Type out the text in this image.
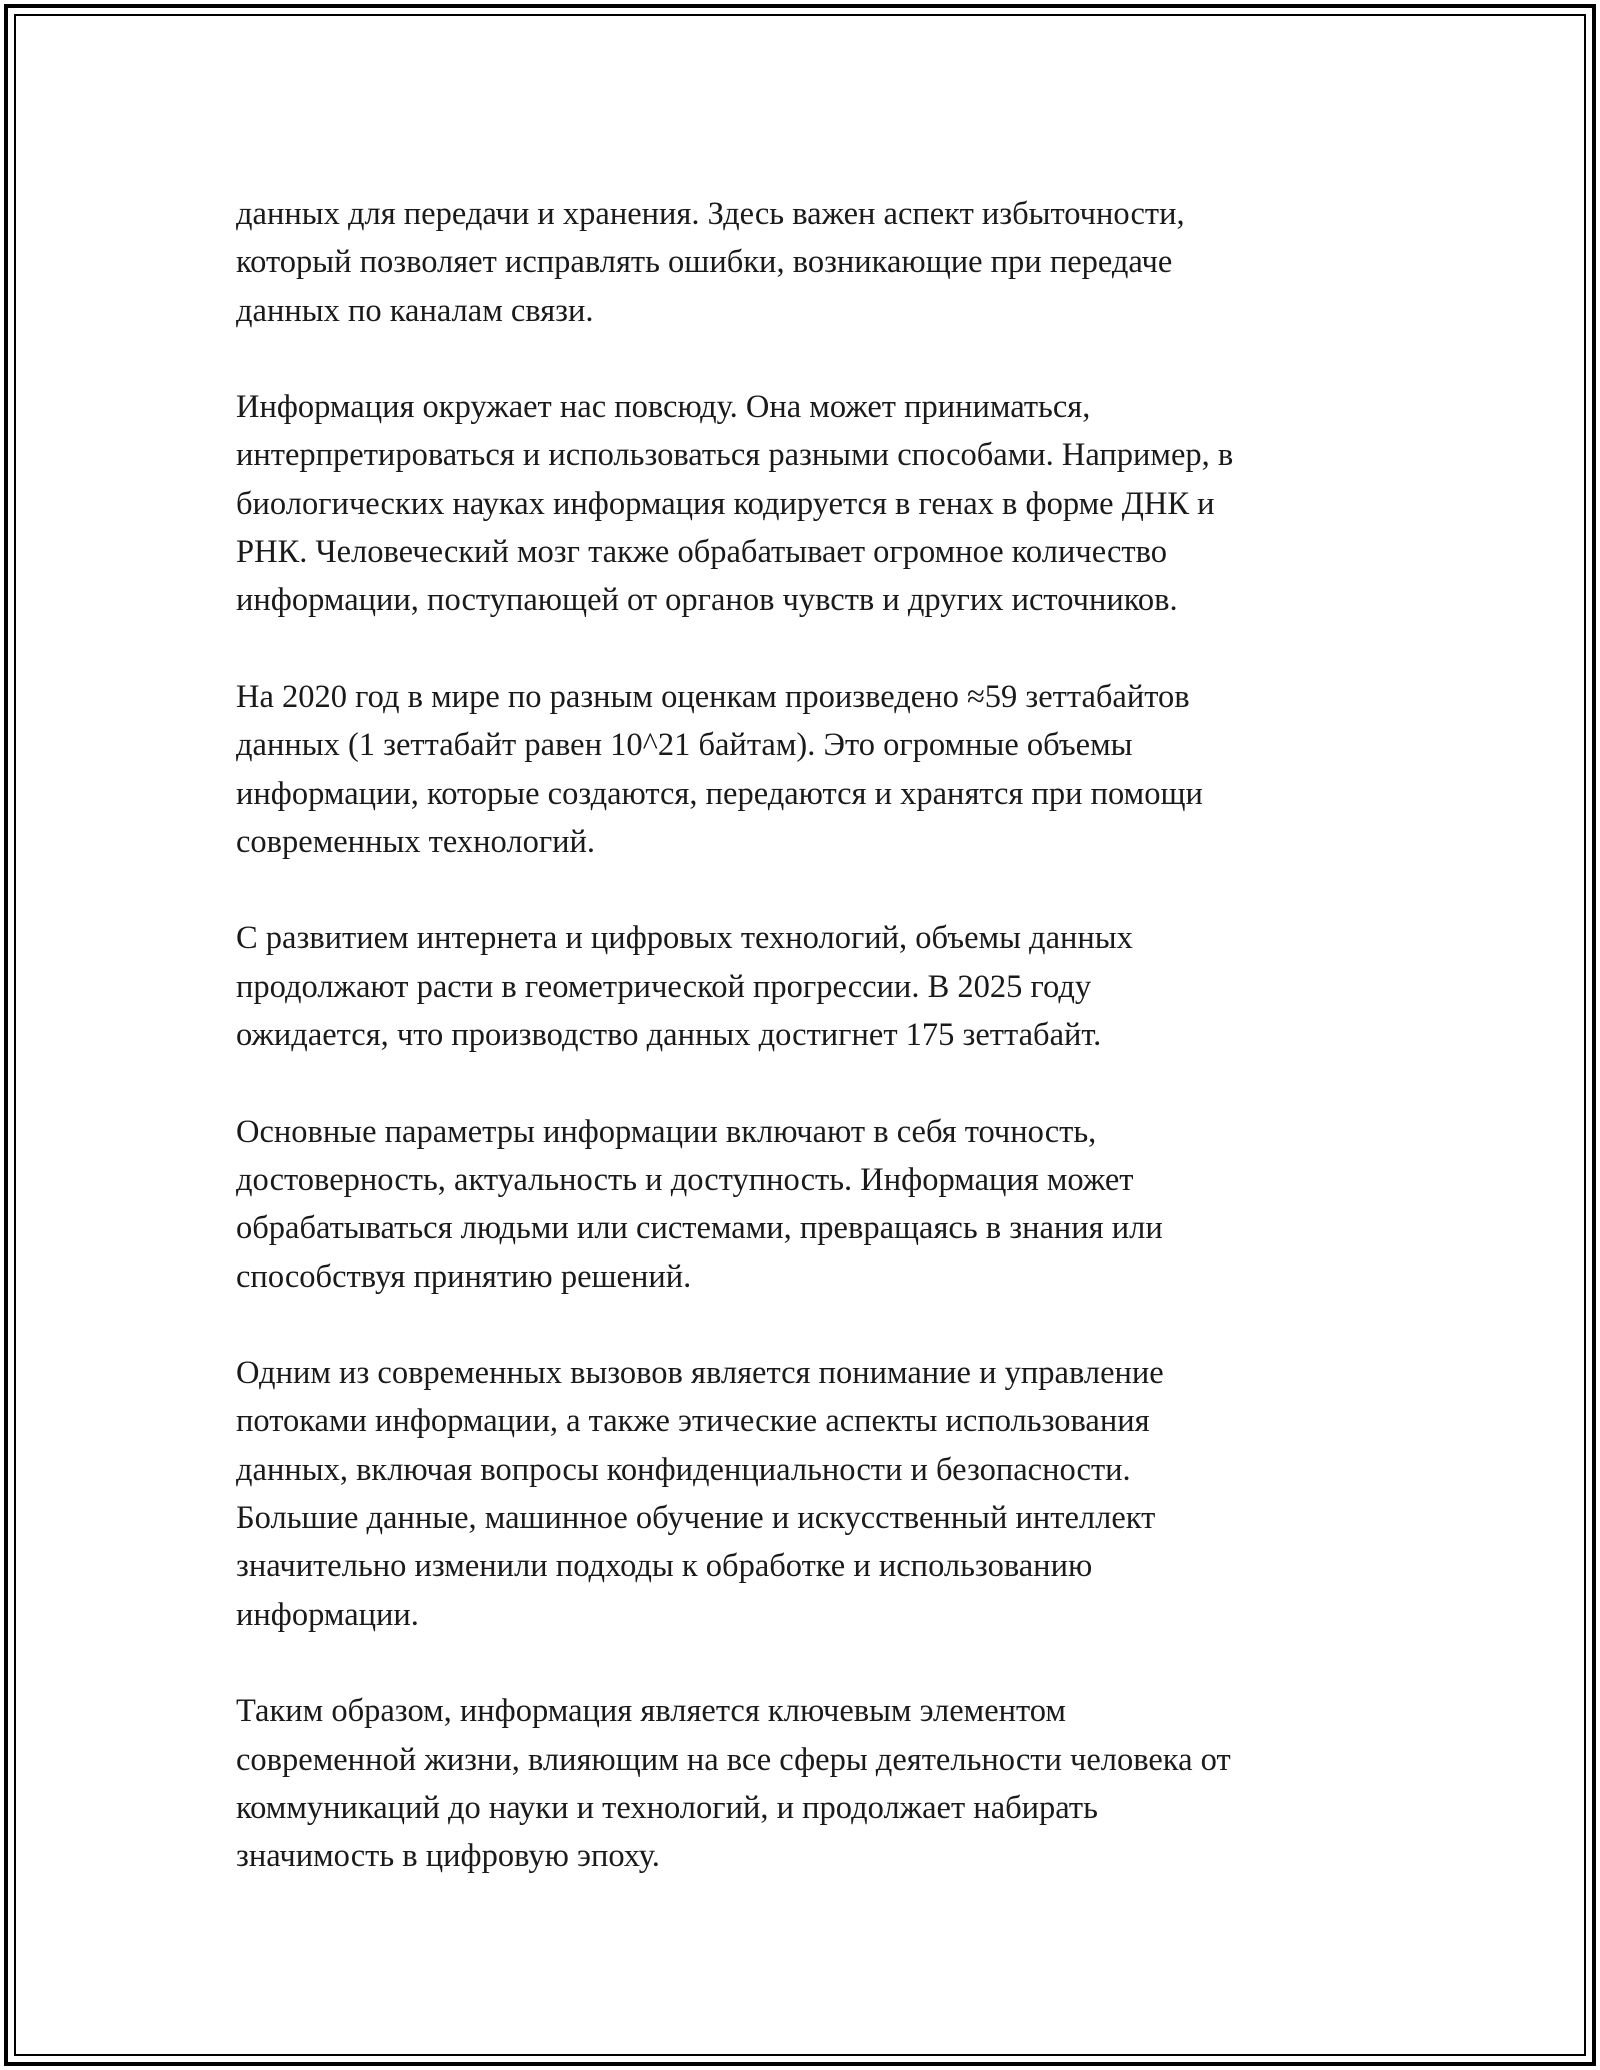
данных для передачи и хранения. Здесь важен аспект избыточности,
который позволяет исправлять ошибки, возникающие при передаче
данных по каналам связи.

Информация окружает нас повсюду. Она может приниматься,
интерпретироваться и использоваться разными способами. Например, в
биологических науках информация кодируется в генах в форме ДНК и
РНК. Человеческий мозг также обрабатывает огромное количество
информации, поступающей от органов чувств и других источников.

На 2020 год в мире по разным оценкам произведено ≈59 зеттабайтов
данных (1 зеттабайт равен 10^21 байтам). Это огромные объемы
информации, которые создаются, передаются и хранятся при помощи
современных технологий.

С развитием интернета и цифровых технологий, объемы данных
продолжают расти в геометрической прогрессии. В 2025 году
ожидается, что производство данных достигнет 175 зеттабайт.

Основные параметры информации включают в себя точность,
достоверность, актуальность и доступность. Информация может
обрабатываться людьми или системами, превращаясь в знания или
способствуя принятию решений.

Одним из современных вызовов является понимание и управление
потоками информации, а также этические аспекты использования
данных, включая вопросы конфиденциальности и безопасности.
Большие данные, машинное обучение и искусственный интеллект
значительно изменили подходы к обработке и использованию
информации.

Таким образом, информация является ключевым элементом
современной жизни, влияющим на все сферы деятельности человека от
коммуникаций до науки и технологий, и продолжает набирать
значимость в цифровую эпоху.
